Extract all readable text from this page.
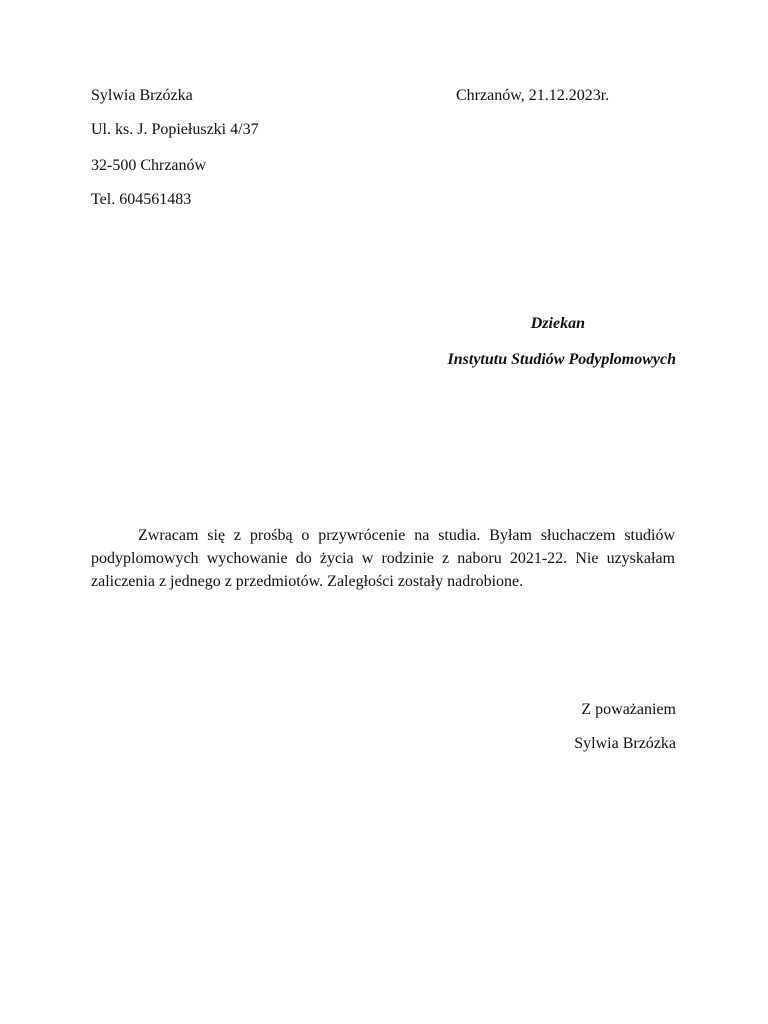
Sylwia Brzózka
Ul. ks. J. Popiełuszki 4/37
32-500 Chrzanów
Tel. 604561483
Chrzanów, 21.12.2023r.
Dziekan
Instytutu Studiów Podyplomowych

Zwracam się z prośbą o przywrócenie na studia. Byłam słuchaczem studiów podyplomowych wychowanie do życia w rodzinie z naboru 2021-22. Nie uzyskałam zaliczenia z jednego z przedmiotów. Zaległości zostały nadrobione.

Z poważaniem
Sylwia Brzózka
